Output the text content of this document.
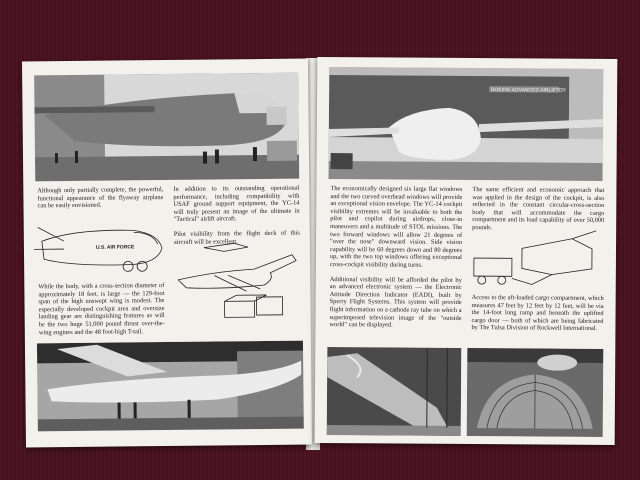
Although only partially complete, the powerful, functional appearance of the flyaway airplane can be easily envisioned.

In addition to its outstanding operational performance, including compatibility with USAF ground support equipment, the YC-14 will truly present an image of the ultimate in "Tactical" airlift aircraft.

Pilot visibility from the flight deck of this aircraft will be excellent.

U.S. AIR FORCE

While the body, with a cross-section diameter of approximately 18 feet, is large — the 129-foot span of the high unswept wing is modest. The especially developed cockpit area and oversize landing gear are distinguishing features as will be the two huge 51,000 pound thrust over-the-wing engines and the 48 foot-high T-tail.

BOEING ADVANCED AIRLIFTER

The economically designed six large flat windows and the two curved overhead windows will provide an exceptional vision envelope. The YC-14 cockpit visibility extremes will be invaluable to both the pilot and copilot during airdrops, close-in maneuvers and a multitude of STOL missions. The two forward windows will allow 21 degrees of "over the nose" downward vision. Side vision capability will be 60 degrees down and 80 degrees up, with the two top windows offering exceptional cross-cockpit visibility during turns.

Additional visibility will be afforded the pilot by an advanced electronic system — the Electronic Attitude Direction Indicator (EADI), built by Sperry Flight Systems. This system will provide flight information on a cathode ray tube on which a superimposed television image of the "outside world" can be displayed.

The same efficient and economic approach that was applied in the design of the cockpit, is also reflected in the constant circular-cross-section body that will accommodate the cargo compartment and its load capability of over 50,000 pounds.

Access to the aft-loaded cargo compartment, which measures 47 feet by 12 feet by 12 feet, will be via the 14-foot long ramp and beneath the uplifted cargo door — both of which are being fabricated by The Tulsa Division of Rockwell International.
